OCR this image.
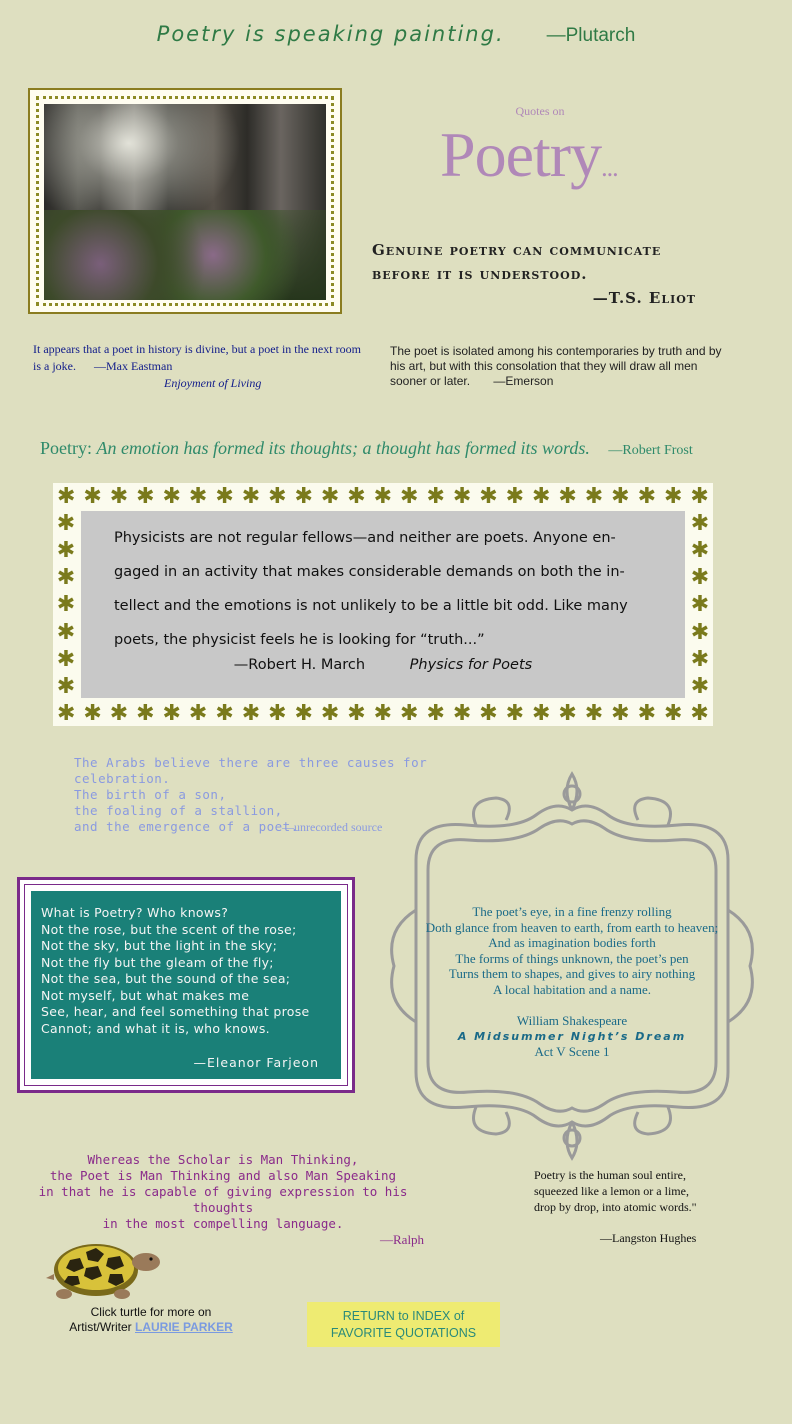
Poetry is speaking painting. —Plutarch
Quotes on
Poetry...
Genuine poetry can communicate
before it is understood.
—T.S. Eliot
It appears that a poet in history is divine, but a poet in the next room is a joke. —Max Eastman
Enjoyment of Living
The poet is isolated among his contemporaries by truth and by his art, but with this consolation that they will draw all men sooner or later. —Emerson
Poetry: An emotion has formed its thoughts; a thought has formed its words. —Robert Frost
✱ ✱ ✱ ✱ ✱ ✱ ✱ ✱ ✱ ✱ ✱ ✱ ✱ ✱ ✱ ✱ ✱ ✱ ✱ ✱ ✱ ✱ ✱ ✱ ✱
✱ ✱ ✱ ✱ ✱ ✱ ✱ ✱ ✱ ✱ ✱ ✱ ✱ ✱ ✱ ✱ ✱ ✱ ✱ ✱ ✱ ✱ ✱ ✱ ✱
✱
✱
✱
✱
✱
✱
✱
✱
✱
✱
✱
✱
✱
✱
Physicists are not regular fellows—and neither are poets. Anyone en-
gaged in an activity that makes considerable demands on both the in-
tellect and the emotions is not unlikely to be a little bit odd. Like many
poets, the physicist feels he is looking for “truth...”
—Robert H. March	Physics for Poets
The Arabs believe there are three causes for celebration.
The birth of a son,
the foaling of a stallion,
and the emergence of a poet.
—unrecorded source
What is Poetry? Who knows?
Not the rose, but the scent of the rose;
Not the sky, but the light in the sky;
Not the fly but the gleam of the fly;
Not the sea, but the sound of the sea;
Not myself, but what makes me
See, hear, and feel something that prose
Cannot; and what it is, who knows.
—Eleanor Farjeon
The poet’s eye, in a fine frenzy rolling
Doth glance from heaven to earth, from earth to heaven;
And as imagination bodies forth
The forms of things unknown, the poet’s pen
Turns them to shapes, and gives to airy nothing
A local habitation and a name.
William Shakespeare
A Midsummer Night’s Dream
Act V Scene 1
Whereas the Scholar is Man Thinking,
the Poet is Man Thinking and also Man Speaking
in that he is capable of giving expression to his thoughts
in the most compelling language.
—Ralph
Poetry is the human soul entire,
squeezed like a lemon or a lime,
drop by drop, into atomic words."
—Langston Hughes
Click turtle for more on
Artist/Writer LAURIE PARKER
RETURN to INDEX of
FAVORITE QUOTATIONS
